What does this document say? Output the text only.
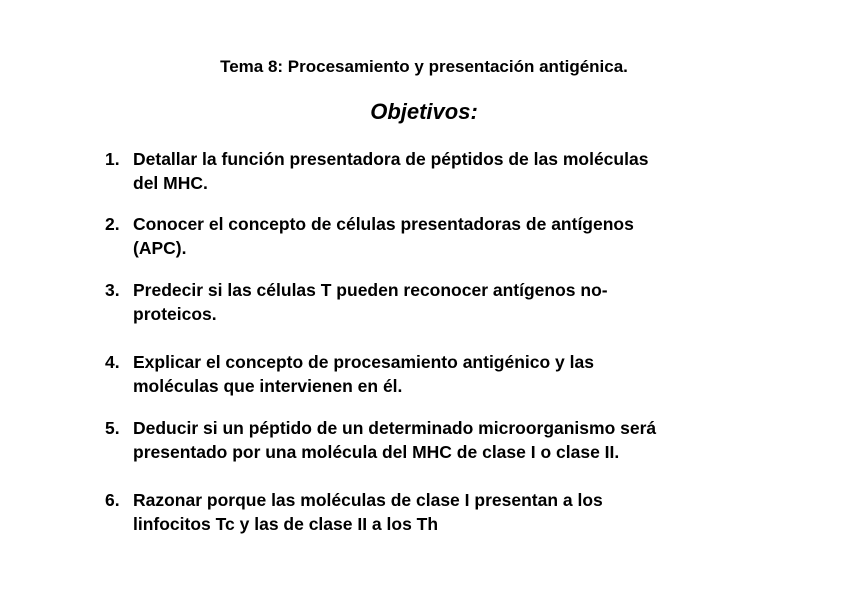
Tema 8: Procesamiento y presentación antigénica.
Objetivos:
1. Detallar la función presentadora de péptidos de las moléculas
del MHC.
2. Conocer el concepto de células presentadoras de antígenos
(APC).
3. Predecir si las células T pueden reconocer antígenos no-
proteicos.
4. Explicar el concepto de procesamiento antigénico y las
moléculas que intervienen en él.
5. Deducir si un péptido de un determinado microorganismo será
presentado por una molécula del MHC de clase I o clase II.
6. Razonar porque las moléculas de clase I presentan a los
linfocitos Tc y las de clase II a los Th
